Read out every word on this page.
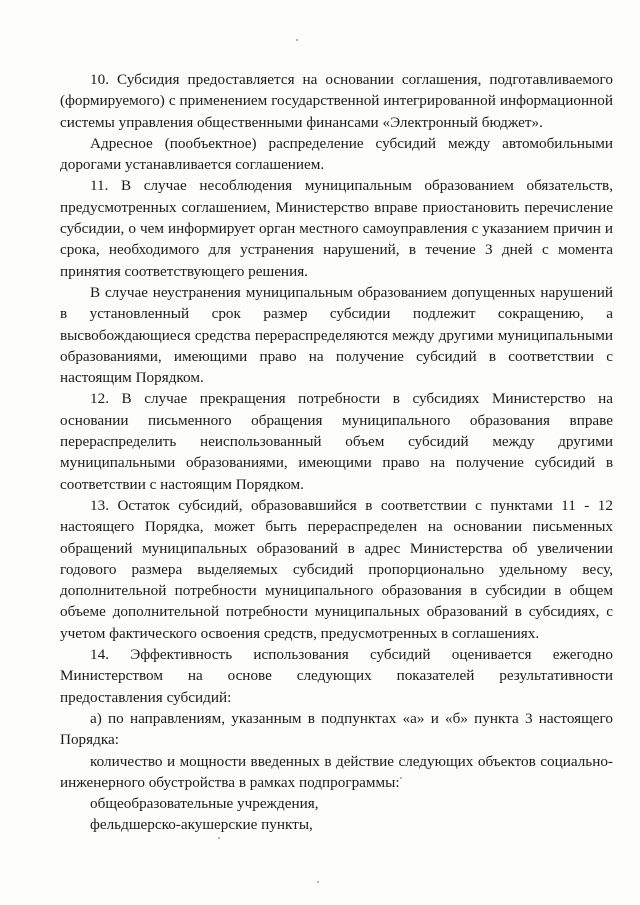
10. Субсидия предоставляется на основании соглашения, подготавливаемого (формируемого) с применением государственной интегрированной информационной системы управления общественными финансами «Электронный бюджет».

Адресное (пообъектное) распределение субсидий между автомобильными дорогами устанавливается соглашением.

11. В случае несоблюдения муниципальным образованием обязательств, предусмотренных соглашением, Министерство вправе приостановить перечисление субсидии, о чем информирует орган местного самоуправления с указанием причин и срока, необходимого для устранения нарушений, в течение 3 дней с момента принятия соответствующего решения.

В случае неустранения муниципальным образованием допущенных нарушений в установленный срок размер субсидии подлежит сокращению, а высвобождающиеся средства перераспределяются между другими муниципальными образованиями, имеющими право на получение субсидий в соответствии с настоящим Порядком.

12. В случае прекращения потребности в субсидиях Министерство на основании письменного обращения муниципального образования вправе перераспределить неиспользованный объем субсидий между другими муниципальными образованиями, имеющими право на получение субсидий в соответствии с настоящим Порядком.

13. Остаток субсидий, образовавшийся в соответствии с пунктами 11 - 12 настоящего Порядка, может быть перераспределен на основании письменных обращений муниципальных образований в адрес Министерства об увеличении годового размера выделяемых субсидий пропорционально удельному весу, дополнительной потребности муниципального образования в субсидии в общем объеме дополнительной потребности муниципальных образований в субсидиях, с учетом фактического освоения средств, предусмотренных в соглашениях.

14. Эффективность использования субсидий оценивается ежегодно Министерством на основе следующих показателей результативности предоставления субсидий:

а) по направлениям, указанным в подпунктах «а» и «б» пункта 3 настоящего Порядка:

количество и мощности введенных в действие следующих объектов социально-инженерного обустройства в рамках подпрограммы:

общеобразовательные учреждения,

фельдшерско-акушерские пункты,
